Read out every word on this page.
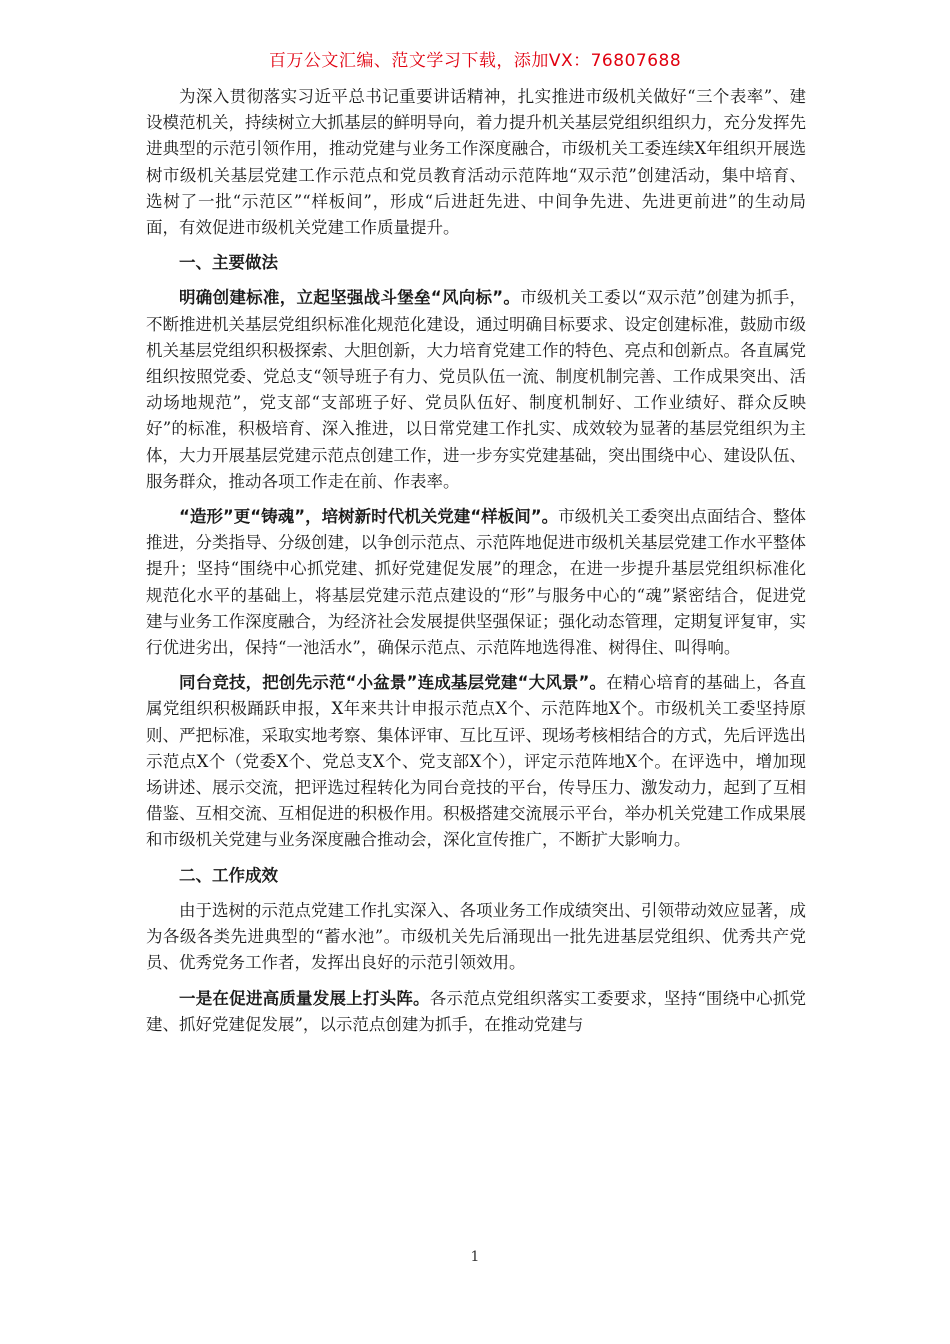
百万公文汇编、范文学习下载，添加VX：76807688

为深入贯彻落实习近平总书记重要讲话精神，扎实推进市级机关做好“三个表率”、建设模范机关，持续树立大抓基层的鲜明导向，着力提升机关基层党组织组织力，充分发挥先进典型的示范引领作用，推动党建与业务工作深度融合，市级机关工委连续X年组织开展选树市级机关基层党建工作示范点和党员教育活动示范阵地“双示范”创建活动，集中培育、选树了一批“示范区”“样板间”，形成“后进赶先进、中间争先进、先进更前进”的生动局面，有效促进市级机关党建工作质量提升。

一、主要做法

明确创建标准，立起坚强战斗堡垒“风向标”。市级机关工委以“双示范”创建为抓手，不断推进机关基层党组织标准化规范化建设，通过明确目标要求、设定创建标准，鼓励市级机关基层党组织积极探索、大胆创新，大力培育党建工作的特色、亮点和创新点。各直属党组织按照党委、党总支“领导班子有力、党员队伍一流、制度机制完善、工作成果突出、活动场地规范”，党支部“支部班子好、党员队伍好、制度机制好、工作业绩好、群众反映好”的标准，积极培育、深入推进，以日常党建工作扎实、成效较为显著的基层党组织为主体，大力开展基层党建示范点创建工作，进一步夯实党建基础，突出围绕中心、建设队伍、服务群众，推动各项工作走在前、作表率。

“造形”更“铸魂”，培树新时代机关党建“样板间”。市级机关工委突出点面结合、整体推进，分类指导、分级创建，以争创示范点、示范阵地促进市级机关基层党建工作水平整体提升；坚持“围绕中心抓党建、抓好党建促发展”的理念，在进一步提升基层党组织标准化规范化水平的基础上，将基层党建示范点建设的“形”与服务中心的“魂”紧密结合，促进党建与业务工作深度融合，为经济社会发展提供坚强保证；强化动态管理，定期复评复审，实行优进劣出，保持“一池活水”，确保示范点、示范阵地选得准、树得住、叫得响。

同台竞技，把创先示范“小盆景”连成基层党建“大风景”。在精心培育的基础上，各直属党组织积极踊跃申报，X年来共计申报示范点X个、示范阵地X个。市级机关工委坚持原则、严把标准，采取实地考察、集体评审、互比互评、现场考核相结合的方式，先后评选出示范点X个（党委X个、党总支X个、党支部X个），评定示范阵地X个。在评选中，增加现场讲述、展示交流，把评选过程转化为同台竞技的平台，传导压力、激发动力，起到了互相借鉴、互相交流、互相促进的积极作用。积极搭建交流展示平台，举办机关党建工作成果展和市级机关党建与业务深度融合推动会，深化宣传推广，不断扩大影响力。

二、工作成效

由于选树的示范点党建工作扎实深入、各项业务工作成绩突出、引领带动效应显著，成为各级各类先进典型的“蓄水池”。市级机关先后涌现出一批先进基层党组织、优秀共产党员、优秀党务工作者，发挥出良好的示范引领效用。

一是在促进高质量发展上打头阵。各示范点党组织落实工委要求，坚持“围绕中心抓党建、抓好党建促发展”，以示范点创建为抓手，在推动党建与

1
